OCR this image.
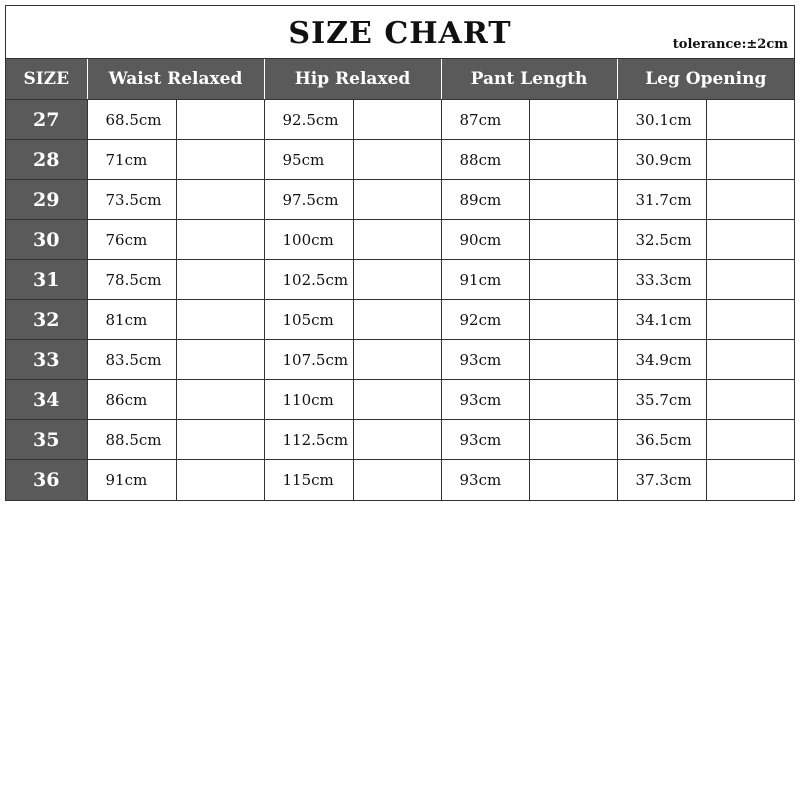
SIZE CHART	tolerance:±2cm
SIZE	Waist Relaxed		Hip Relaxed		Pant Length		Leg Opening	
27	68.5cm		92.5cm		87cm		30.1cm	
28	71cm		95cm		88cm		30.9cm	
29	73.5cm		97.5cm		89cm		31.7cm	
30	76cm		100cm		90cm		32.5cm	
31	78.5cm		102.5cm		91cm		33.3cm	
32	81cm		105cm		92cm		34.1cm	
33	83.5cm		107.5cm		93cm		34.9cm	
34	86cm		110cm		93cm		35.7cm	
35	88.5cm		112.5cm		93cm		36.5cm	
36	91cm		115cm		93cm		37.3cm	
